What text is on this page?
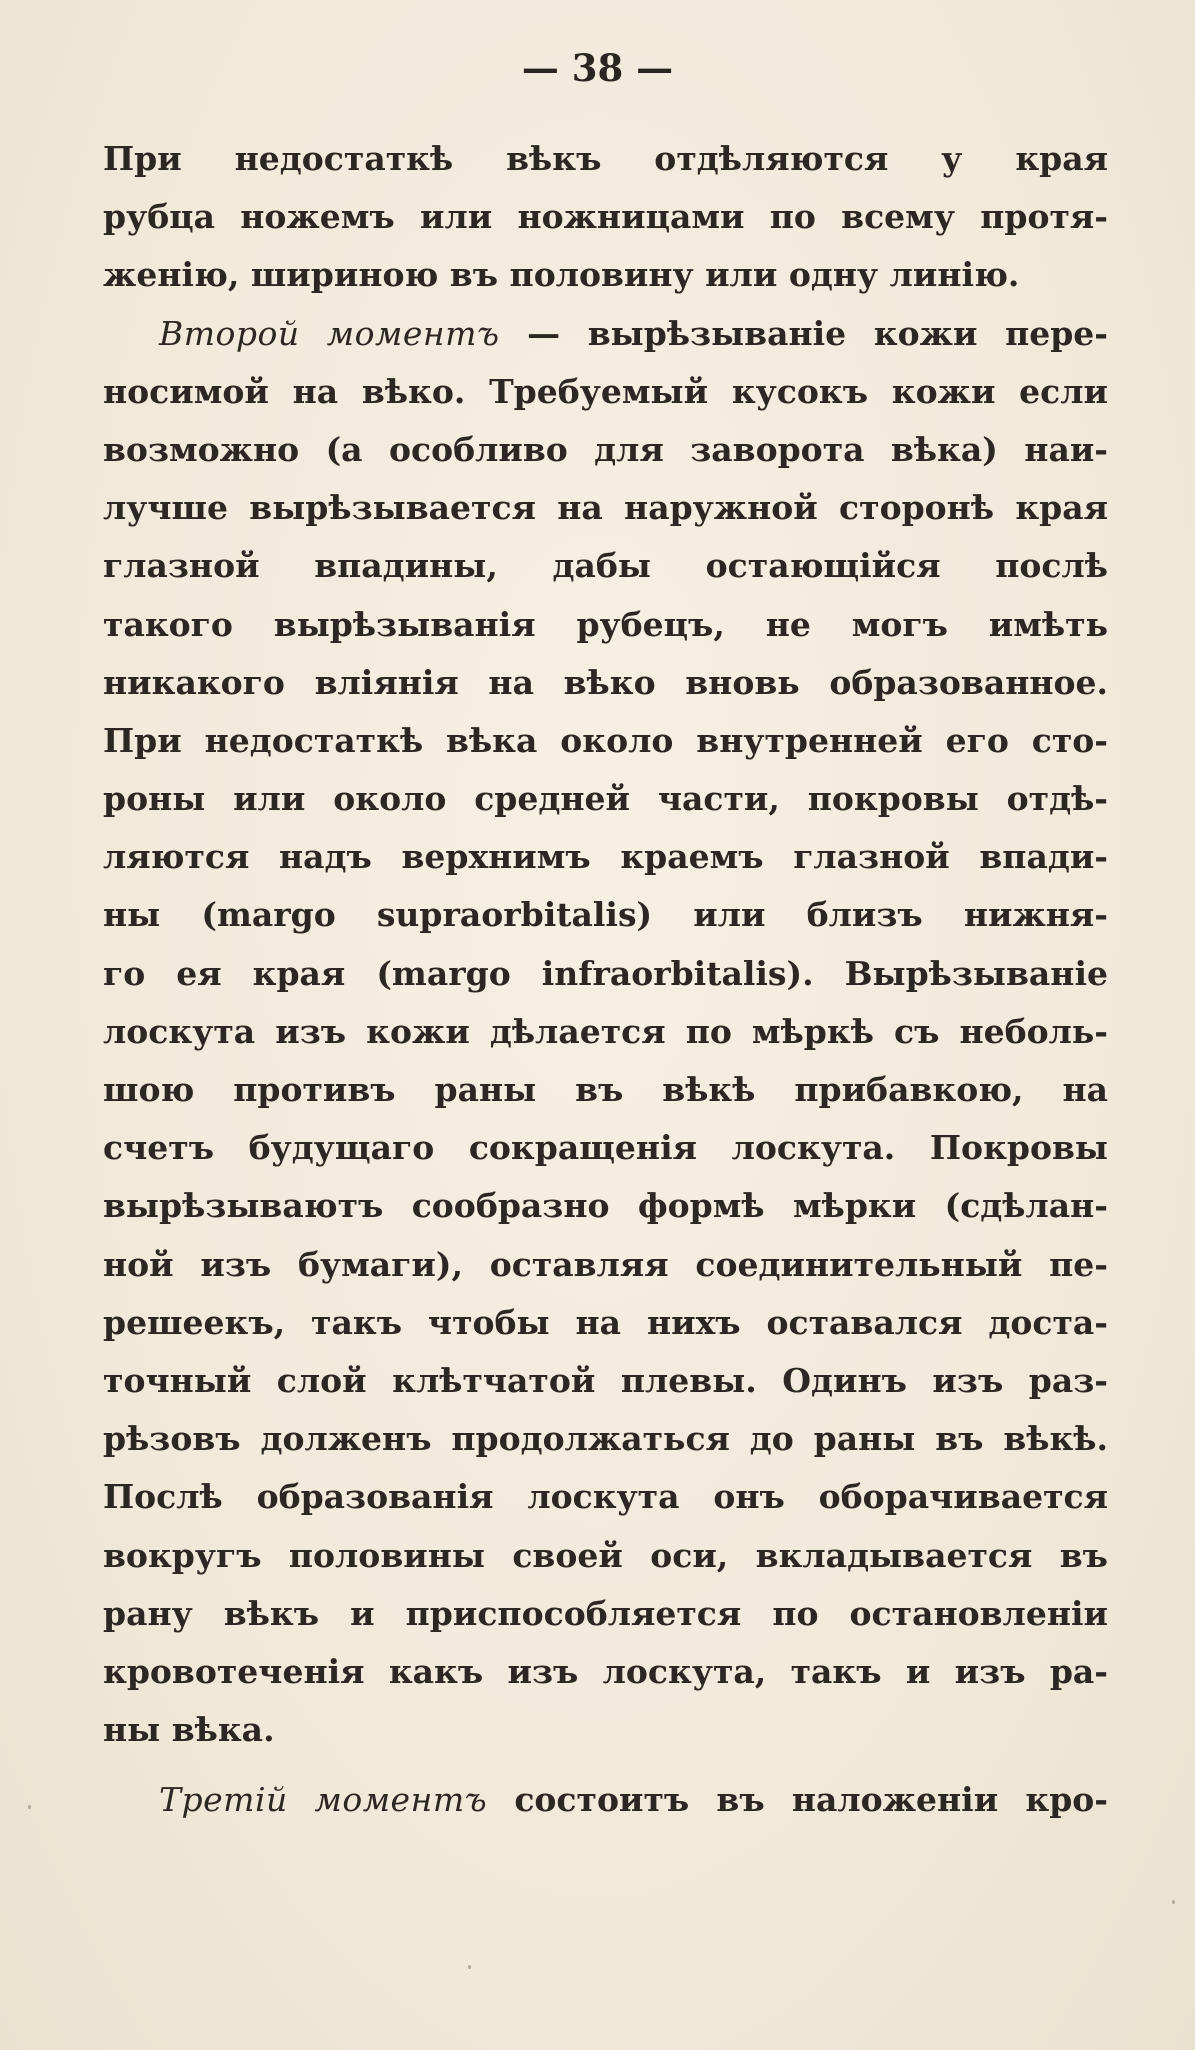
— 38 —
При недостаткѣ вѣкъ отдѣляются у края
рубца ножемъ или ножницами по всему протя-
женію, шириною въ половину или одну линію.
Второй моментъ — вырѣзываніе кожи пере-
носимой на вѣко. Требуемый кусокъ кожи если
возможно (а особливо для заворота вѣка) наи-
лучше вырѣзывается на наружной сторонѣ края
глазной впадины, дабы остающійся послѣ
такого вырѣзыванія рубецъ, не могъ имѣть
никакого вліянія на вѣко вновь образованное.
При недостаткѣ вѣка около внутренней его сто-
роны или около средней части, покровы отдѣ-
ляются надъ верхнимъ краемъ глазной впади-
ны (margo supraorbitalis) или близъ нижня-
го ея края (margo infraorbitalis). Вырѣзываніе
лоскута изъ кожи дѣлается по мѣркѣ съ неболь-
шою противъ раны въ вѣкѣ прибавкою, на
счетъ будущаго сокращенія лоскута. Покровы
вырѣзываютъ сообразно формѣ мѣрки (сдѣлан-
ной изъ бумаги), оставляя соединительный пе-
решеекъ, такъ чтобы на нихъ оставался доста-
точный слой клѣтчатой плевы. Одинъ изъ раз-
рѣзовъ долженъ продолжаться до раны въ вѣкѣ.
Послѣ образованія лоскута онъ оборачивается
вокругъ половины своей оси, вкладывается въ
рану вѣкъ и приспособляется по остановленіи
кровотеченія какъ изъ лоскута, такъ и изъ ра-
ны вѣка.
Третій моментъ состоитъ въ наложеніи кро-
